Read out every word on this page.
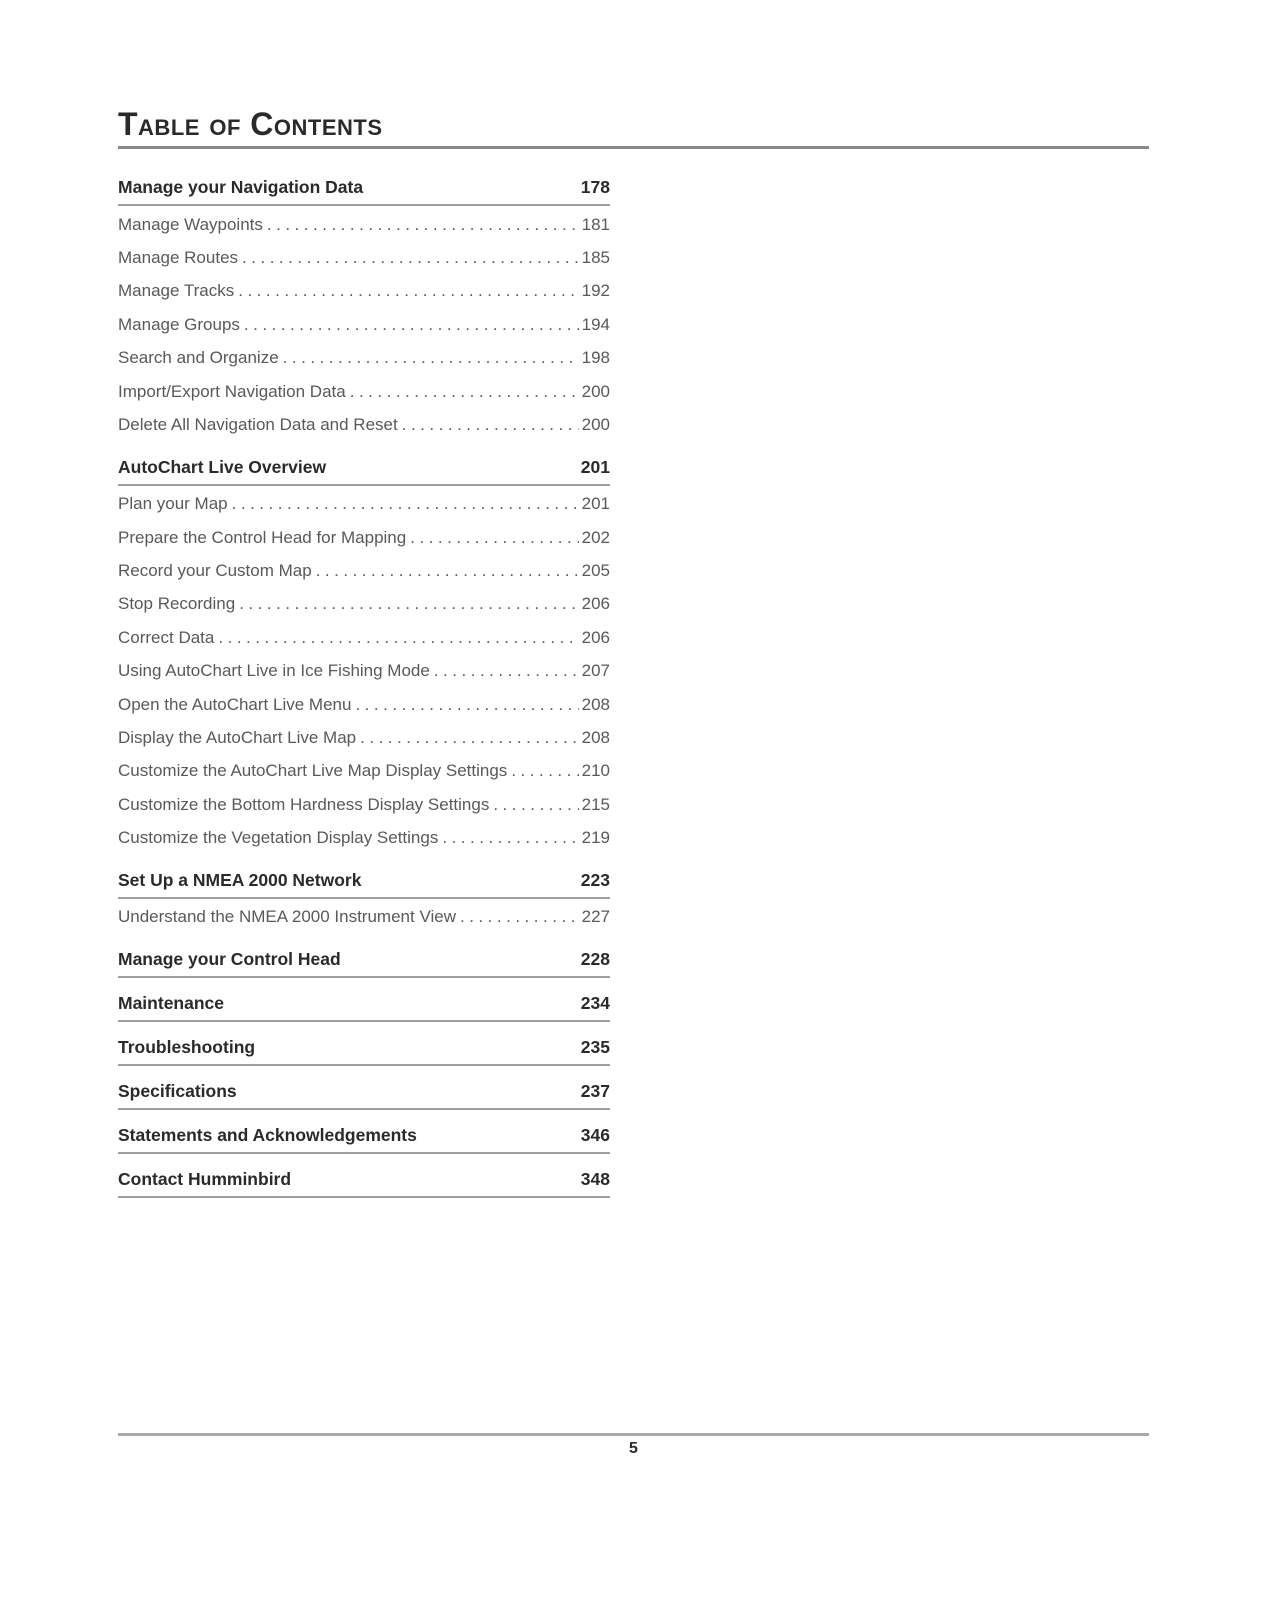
Table of Contents
Manage your Navigation Data	178
Manage Waypoints .....	181
Manage Routes .....	185
Manage Tracks .....	192
Manage Groups .....	194
Search and Organize .....	198
Import/Export Navigation Data .....	200
Delete All Navigation Data and Reset .....	200
AutoChart Live Overview	201
Plan your Map .....	201
Prepare the Control Head for Mapping .....	202
Record your Custom Map .....	205
Stop Recording .....	206
Correct Data .....	206
Using AutoChart Live in Ice Fishing Mode .....	207
Open the AutoChart Live Menu .....	208
Display the AutoChart Live Map .....	208
Customize the AutoChart Live Map Display Settings .....	210
Customize the Bottom Hardness Display Settings .....	215
Customize the Vegetation Display Settings .....	219
Set Up a NMEA 2000 Network	223
Understand the NMEA 2000 Instrument View .....	227
Manage your Control Head	228
Maintenance	234
Troubleshooting	235
Specifications	237
Statements and Acknowledgements	346
Contact Humminbird	348
5
